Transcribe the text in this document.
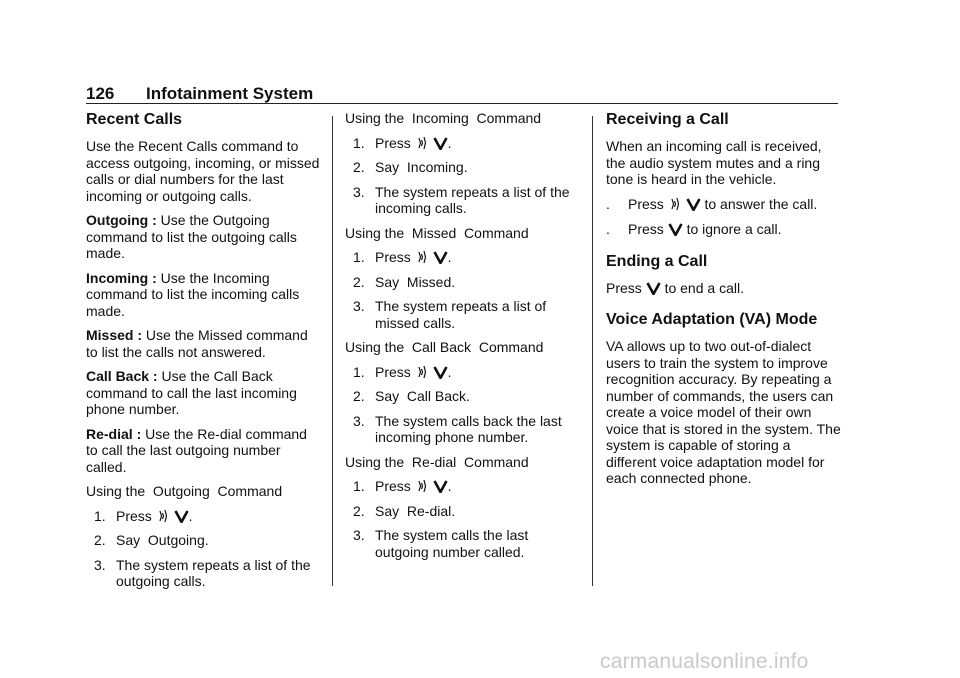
126 Infotainment System
Recent Calls

Use the Recent Calls command to access outgoing, incoming, or missed calls or dial numbers for the last incoming or outgoing calls.

Outgoing : Use the Outgoing command to list the outgoing calls made.

Incoming : Use the Incoming command to list the incoming calls made.

Missed : Use the Missed command to list the calls not answered.

Call Back : Use the Call Back command to call the last incoming phone number.

Re-dial : Use the Re-dial command to call the last outgoing number called.

Using the  Outgoing  Command

1. Press
	.
2. Say  Outgoing.
3. The system repeats a list of the outgoing calls.

Using the  Incoming  Command

1. Press
	.
2. Say  Incoming.
3. The system repeats a list of the incoming calls.

Using the  Missed  Command

1. Press
	.
2. Say  Missed.
3. The system repeats a list of missed calls.

Using the  Call Back  Command

1. Press
	.
2. Say  Call Back.
3. The system calls back the last incoming phone number.

Using the  Re-dial  Command

1. Press
	.
2. Say  Re-dial.
3. The system calls the last outgoing number called.
Receiving a Call

When an incoming call is received, the audio system mutes and a ring tone is heard in the vehicle.

. Press
	to answer the call.
. Press
to ignore a call.
Ending a Call

Press
to end a call.

Voice Adaptation (VA) Mode

VA allows up to two out-of-dialect users to train the system to improve recognition accuracy. By repeating a number of commands, the users can create a voice model of their own voice that is stored in the system. The system is capable of storing a different voice adaptation model for each connected phone.

carmanualsonline.info
